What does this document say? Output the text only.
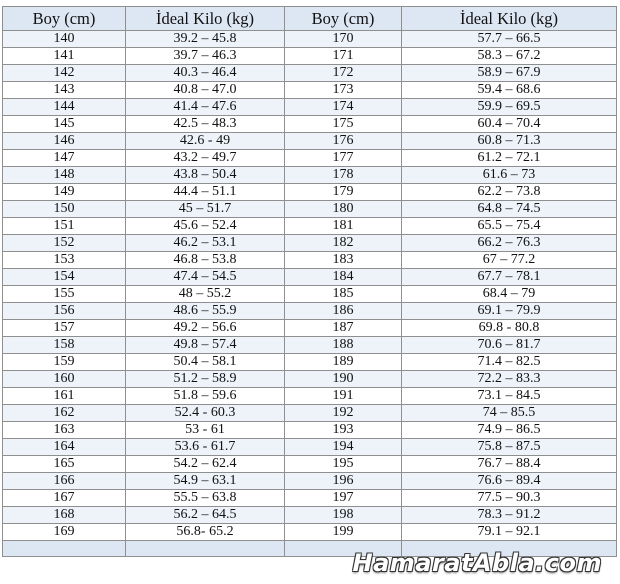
Boy (cm)	İdeal Kilo (kg)	Boy (cm)	İdeal Kilo (kg)
140	39.2 – 45.8	170	57.7 – 66.5
141	39.7 – 46.3	171	58.3 – 67.2
142	40.3 – 46.4	172	58.9 – 67.9
143	40.8 – 47.0	173	59.4 – 68.6
144	41.4 – 47.6	174	59.9 – 69.5
145	42.5 – 48.3	175	60.4 – 70.4
146	42.6 - 49	176	60.8 – 71.3
147	43.2 – 49.7	177	61.2 – 72.1
148	43.8 – 50.4	178	61.6 – 73
149	44.4 – 51.1	179	62.2 – 73.8
150	45 – 51.7	180	64.8 – 74.5
151	45.6 – 52.4	181	65.5 – 75.4
152	46.2 – 53.1	182	66.2 – 76.3
153	46.8 – 53.8	183	67 – 77.2
154	47.4 – 54.5	184	67.7 – 78.1
155	48 – 55.2	185	68.4 – 79
156	48.6 – 55.9	186	69.1 – 79.9
157	49.2 – 56.6	187	69.8 - 80.8
158	49.8 – 57.4	188	70.6 – 81.7
159	50.4 – 58.1	189	71.4 – 82.5
160	51.2 – 58.9	190	72.2 – 83.3
161	51.8 – 59.6	191	73.1 – 84.5
162	52.4 - 60.3	192	74 – 85.5
163	53 - 61	193	74.9 – 86.5
164	53.6 - 61.7	194	75.8 – 87.5
165	54.2 – 62.4	195	76.7 – 88.4
166	54.9 – 63.1	196	76.6 – 89.4
167	55.5 – 63.8	197	77.5 – 90.3
168	56.2 – 64.5	198	78.3 – 91.2
169	56.8- 65.2	199	79.1 – 92.1

HamaratAbla.com
